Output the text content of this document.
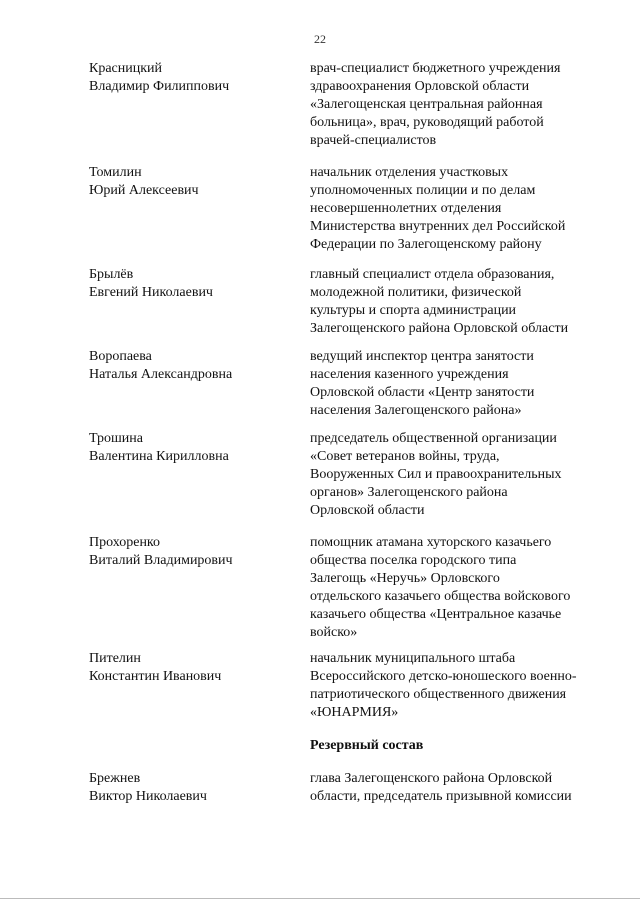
22
Красницкий
Владимир Филиппович
врач-специалист бюджетного учреждения
здравоохранения Орловской области
«Залегощенская центральная районная
больница», врач, руководящий работой
врачей-специалистов
Томилин
Юрий Алексеевич
начальник отделения участковых
уполномоченных полиции и по делам
несовершеннолетних отделения
Министерства внутренних дел Российской
Федерации по Залегощенскому району
Брылёв
Евгений Николаевич
главный специалист отдела образования,
молодежной политики, физической
культуры и спорта администрации
Залегощенского района Орловской области
Воропаева
Наталья Александровна
ведущий инспектор центра занятости
населения казенного учреждения
Орловской области «Центр занятости
населения Залегощенского района»
Трошина
Валентина Кирилловна
председатель общественной организации
«Совет ветеранов войны, труда,
Вооруженных Сил и правоохранительных
органов» Залегощенского района
Орловской области
Прохоренко
Виталий Владимирович
помощник атамана хуторского казачьего
общества поселка городского типа
Залегощь «Неручь» Орловского
отдельского казачьего общества войскового
казачьего общества «Центральное казачье
войско»
Пителин
Константин Иванович
начальник муниципального штаба
Всероссийского детско-юношеского военно-
патриотического общественного движения
«ЮНАРМИЯ»
Резервный состав
Брежнев
Виктор Николаевич
глава Залегощенского района Орловской
области, председатель призывной комиссии
